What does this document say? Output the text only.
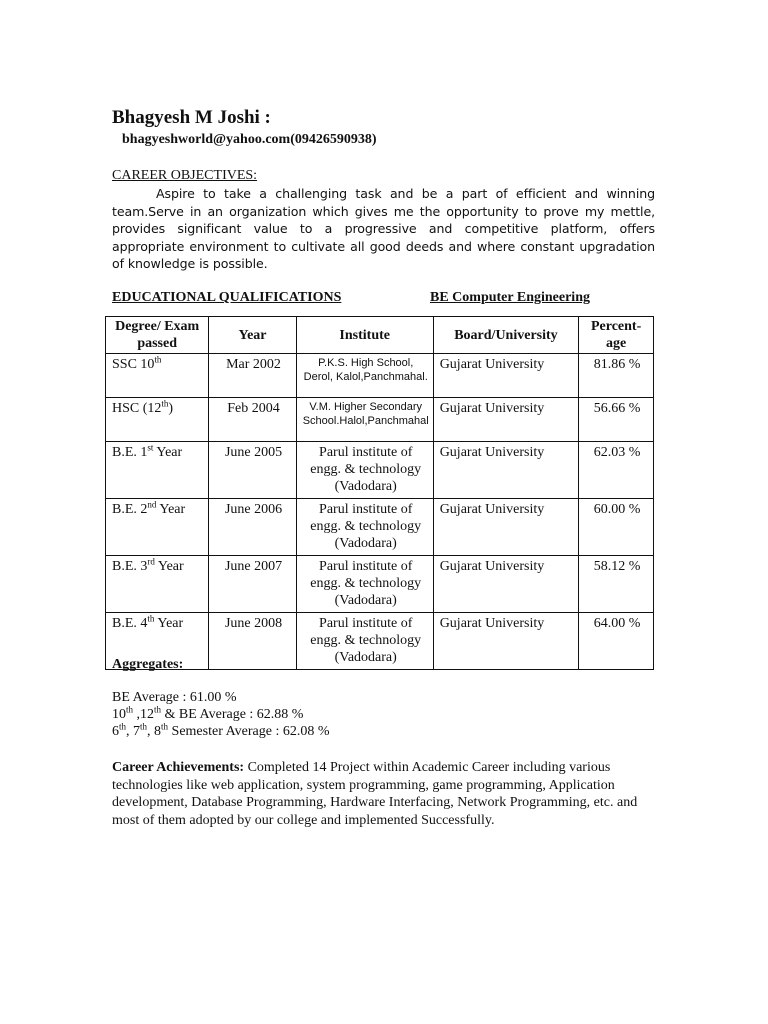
Bhagyesh M Joshi :
bhagyeshworld@yahoo.com(09426590938)
CAREER OBJECTIVES:
Aspire to take a challenging task and be a part of efficient and winning team.Serve in an organization which gives me the opportunity to prove my mettle, provides significant value to a progressive and competitive platform, offers appropriate environment to cultivate all good deeds and where constant upgradation of knowledge is possible.
EDUCATIONAL QUALIFICATIONS	BE Computer Engineering
Degree/ Exam passed	Year	Institute	Board/University	Percent-age
SSC 10th	Mar 2002	P.K.S. High School, Derol, Kalol,Panchmahal.	Gujarat University	81.86 %
HSC (12th)	Feb 2004	V.M. Higher Secondary School.Halol,Panchmahal	Gujarat University	56.66 %
B.E. 1st Year	June 2005	Parul institute of engg. & technology (Vadodara)	Gujarat University	62.03 %
B.E. 2nd Year	June 2006	Parul institute of engg. & technology (Vadodara)	Gujarat University	60.00 %
B.E. 3rd Year	June 2007	Parul institute of engg. & technology (Vadodara)	Gujarat University	58.12 %
B.E. 4th Year	June 2008	Parul institute of engg. & technology (Vadodara)	Gujarat University	64.00 %
Aggregates:
BE Average : 61.00 %
10th ,12th & BE Average : 62.88 %
6th, 7th, 8th Semester Average : 62.08 %
Career Achievements: Completed 14 Project within Academic Career including various technologies like web application, system programming, game programming, Application development, Database Programming, Hardware Interfacing, Network Programming, etc. and most of them adopted by our college and implemented Successfully.
